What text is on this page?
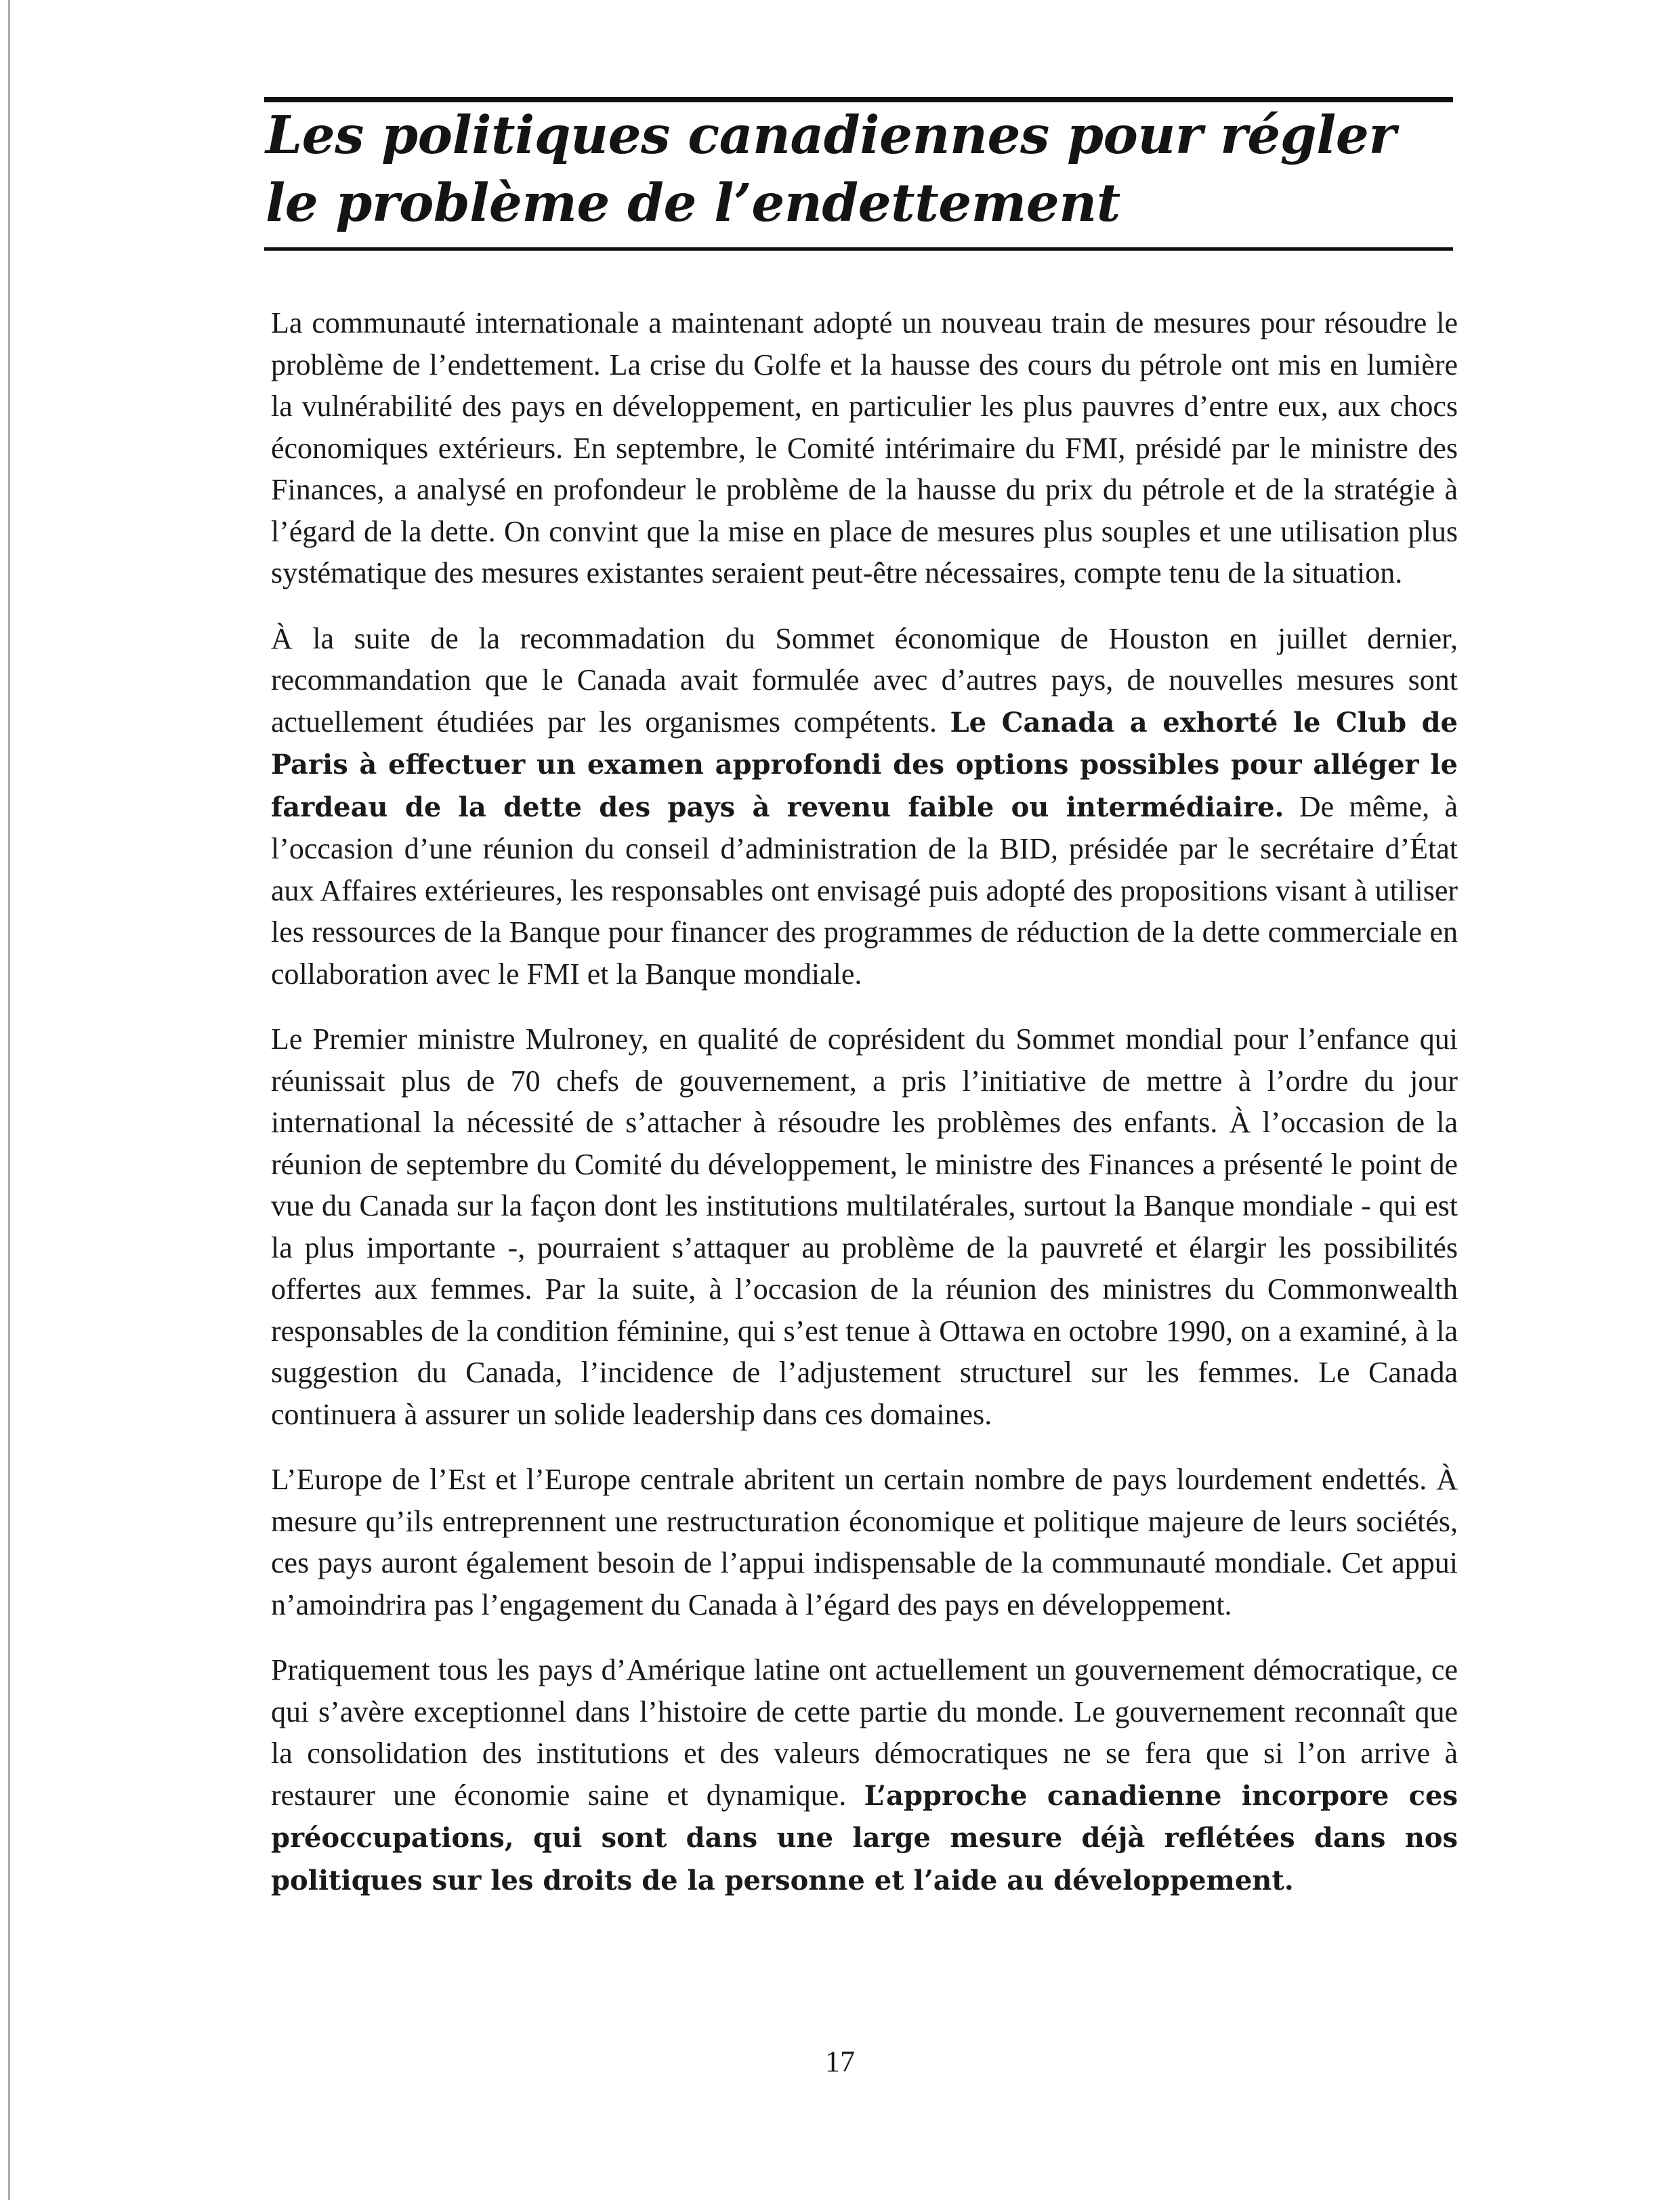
Les politiques canadiennes pour régler le problème de l’endettement

La communauté internationale a maintenant adopté un nouveau train de mesures pour résoudre le problème de l’endettement. La crise du Golfe et la hausse des cours du pétrole ont mis en lumière la vulnérabilité des pays en développement, en particulier les plus pauvres d’entre eux, aux chocs économiques extérieurs. En septembre, le Comité intérimaire du FMI, présidé par le ministre des Finances, a analysé en profondeur le problème de la hausse du prix du pétrole et de la stratégie à l’égard de la dette. On convint que la mise en place de mesures plus souples et une utilisation plus systématique des mesures existantes seraient peut-être nécessaires, compte tenu de la situation.

À la suite de la recommadation du Sommet économique de Houston en juillet dernier, recommandation que le Canada avait formulée avec d’autres pays, de nouvelles mesures sont actuellement étudiées par les organismes compétents. Le Canada a exhorté le Club de Paris à effectuer un examen approfondi des options possibles pour alléger le fardeau de la dette des pays à revenu faible ou intermédiaire. De même, à l’occasion d’une réunion du conseil d’administration de la BID, présidée par le secrétaire d’État aux Affaires extérieures, les responsables ont envisagé puis adopté des propositions visant à utiliser les ressources de la Banque pour financer des programmes de réduction de la dette commerciale en collaboration avec le FMI et la Banque mondiale.

Le Premier ministre Mulroney, en qualité de coprésident du Sommet mondial pour l’enfance qui réunissait plus de 70 chefs de gouvernement, a pris l’initiative de mettre à l’ordre du jour international la nécessité de s’attacher à résoudre les problèmes des enfants. À l’occasion de la réunion de septembre du Comité du développement, le ministre des Finances a présenté le point de vue du Canada sur la façon dont les institutions multilatérales, surtout la Banque mondiale - qui est la plus importante -, pourraient s’attaquer au problème de la pauvreté et élargir les possibilités offertes aux femmes. Par la suite, à l’occasion de la réunion des ministres du Commonwealth responsables de la condition féminine, qui s’est tenue à Ottawa en octobre 1990, on a examiné, à la suggestion du Canada, l’incidence de l’adjustement structurel sur les femmes. Le Canada continuera à assurer un solide leadership dans ces domaines.

L’Europe de l’Est et l’Europe centrale abritent un certain nombre de pays lourdement endettés. À mesure qu’ils entreprennent une restructuration économique et politique majeure de leurs sociétés, ces pays auront également besoin de l’appui indispensable de la communauté mondiale. Cet appui n’amoindrira pas l’engagement du Canada à l’égard des pays en développement.

Pratiquement tous les pays d’Amérique latine ont actuellement un gouvernement démocratique, ce qui s’avère exceptionnel dans l’histoire de cette partie du monde. Le gouvernement reconnaît que la consolidation des institutions et des valeurs démocratiques ne se fera que si l’on arrive à restaurer une économie saine et dynamique. L’approche canadienne incorpore ces préoccupations, qui sont dans une large mesure déjà reflétées dans nos politiques sur les droits de la personne et l’aide au développement.

17
